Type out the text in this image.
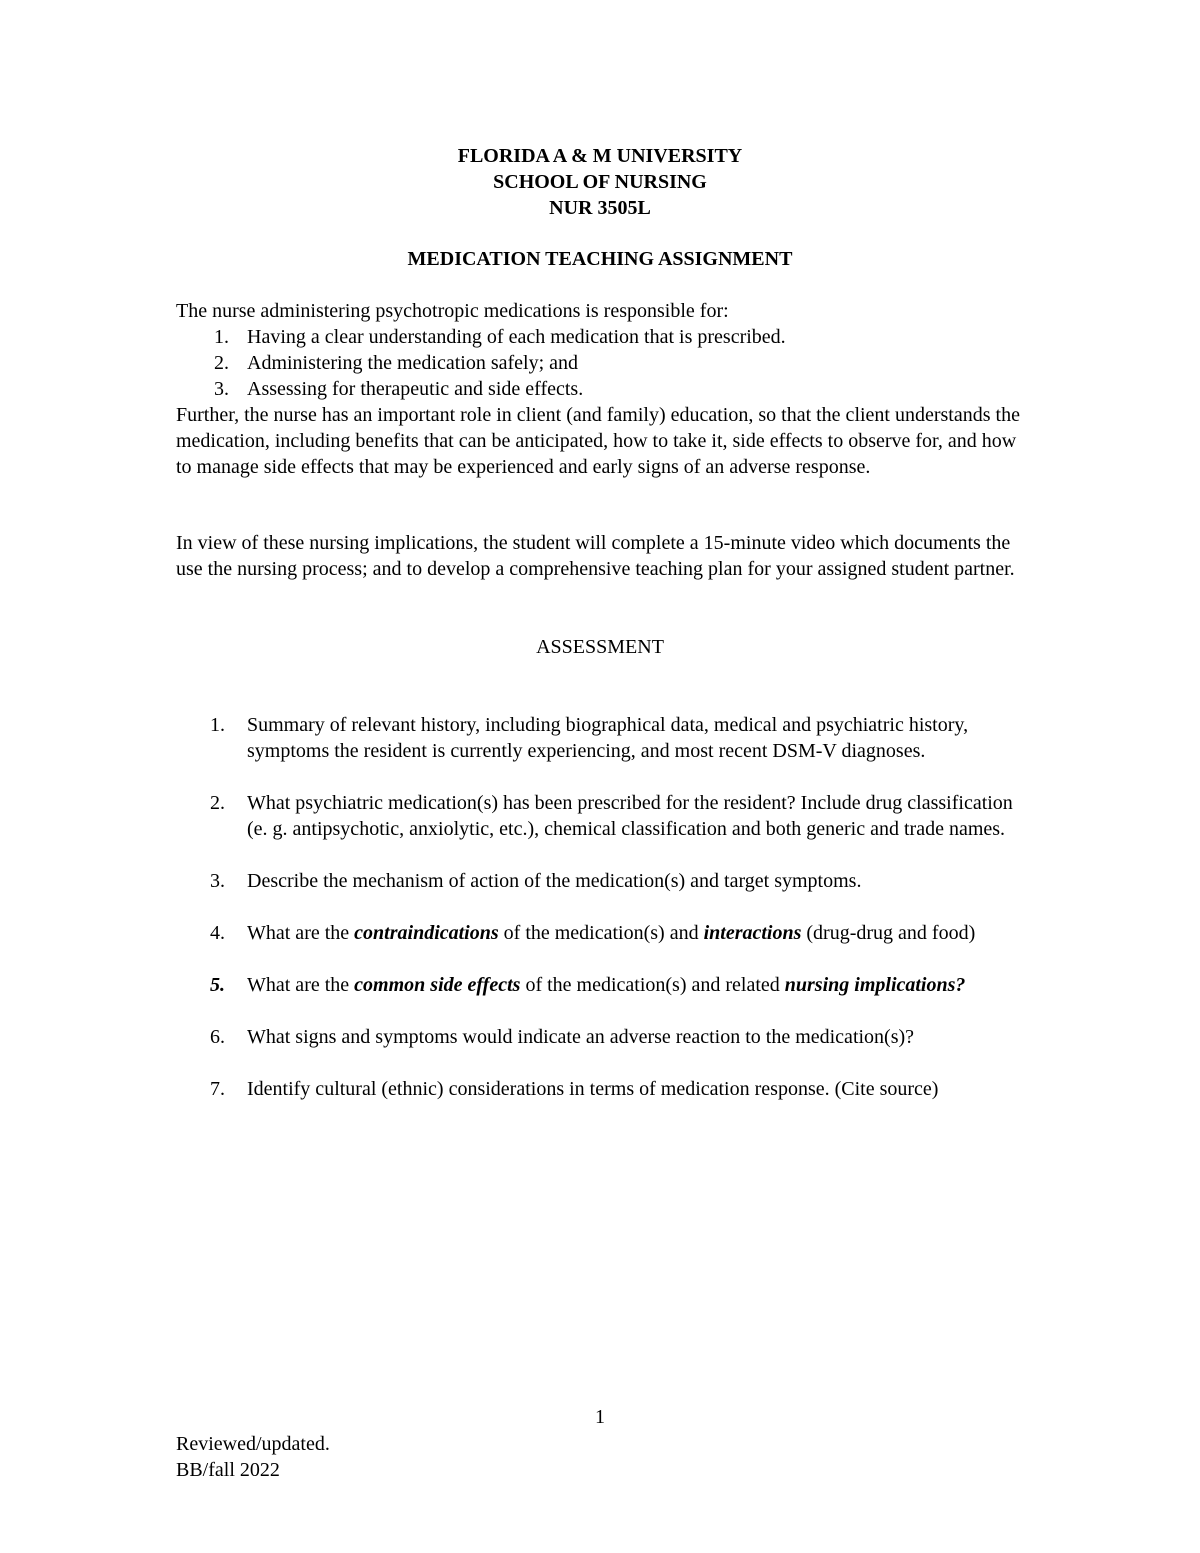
FLORIDA A & M UNIVERSITY
SCHOOL OF NURSING
NUR 3505L
MEDICATION TEACHING ASSIGNMENT

The nurse administering psychotropic medications is responsible for:

1. Having a clear understanding of each medication that is prescribed.
2. Administering the medication safely; and
3. Assessing for therapeutic and side effects.

Further, the nurse has an important role in client (and family) education, so that the client understands the medication, including benefits that can be anticipated, how to take it, side effects to observe for, and how to manage side effects that may be experienced and early signs of an adverse response.

In view of these nursing implications, the student will complete a 15-minute video which documents the use the nursing process; and to develop a comprehensive teaching plan for your assigned student partner.

ASSESSMENT
1. Summary of relevant history, including biographical data, medical and psychiatric history, symptoms the resident is currently experiencing, and most recent DSM-V diagnoses.
2. What psychiatric medication(s) has been prescribed for the resident? Include drug classification (e. g. antipsychotic, anxiolytic, etc.), chemical classification and both generic and trade names.
3. Describe the mechanism of action of the medication(s) and target symptoms.
4. What are the contraindications of the medication(s) and interactions (drug-drug and food)
5. What are the common side effects of the medication(s) and related nursing implications?
6. What signs and symptoms would indicate an adverse reaction to the medication(s)?
7. Identify cultural (ethnic) considerations in terms of medication response. (Cite source)
1
Reviewed/updated.
BB/fall 2022
